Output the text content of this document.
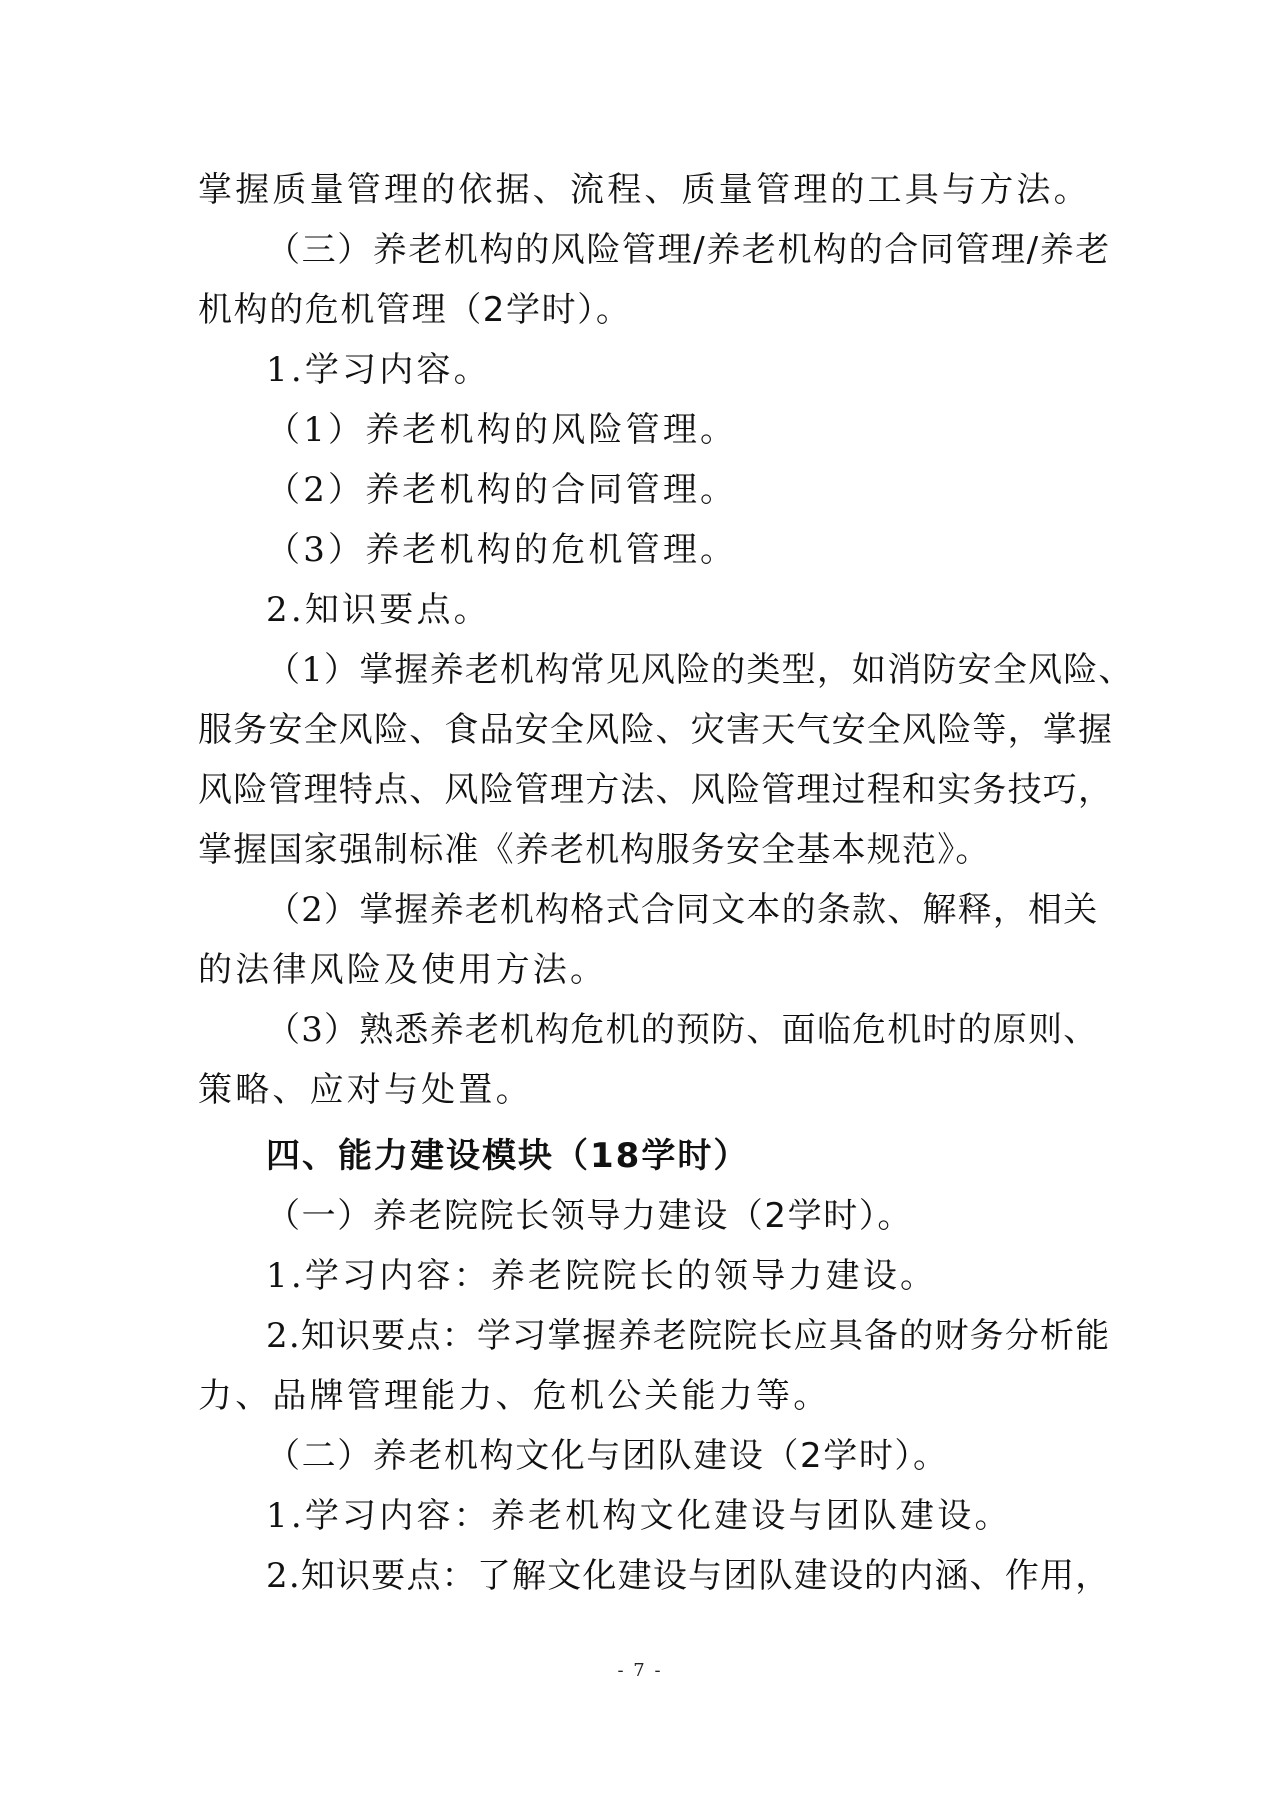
掌握质量管理的依据、流程、质量管理的工具与方法。
（三）养老机构的风险管理/养老机构的合同管理/养老
机构的危机管理（2学时）。
1.学习内容。
（1）养老机构的风险管理。
（2）养老机构的合同管理。
（3）养老机构的危机管理。
2.知识要点。
（1）掌握养老机构常见风险的类型，如消防安全风险、
服务安全风险、食品安全风险、灾害天气安全风险等，掌握
风险管理特点、风险管理方法、风险管理过程和实务技巧，
掌握国家强制标准《养老机构服务安全基本规范》。
（2）掌握养老机构格式合同文本的条款、解释，相关
的法律风险及使用方法。
（3）熟悉养老机构危机的预防、面临危机时的原则、
策略、应对与处置。
四、能力建设模块（18学时）
（一）养老院院长领导力建设（2学时）。
1.学习内容：养老院院长的领导力建设。
2.知识要点：学习掌握养老院院长应具备的财务分析能
力、品牌管理能力、危机公关能力等。
（二）养老机构文化与团队建设（2学时）。
1.学习内容：养老机构文化建设与团队建设。
2.知识要点：了解文化建设与团队建设的内涵、作用，
- 7 -
